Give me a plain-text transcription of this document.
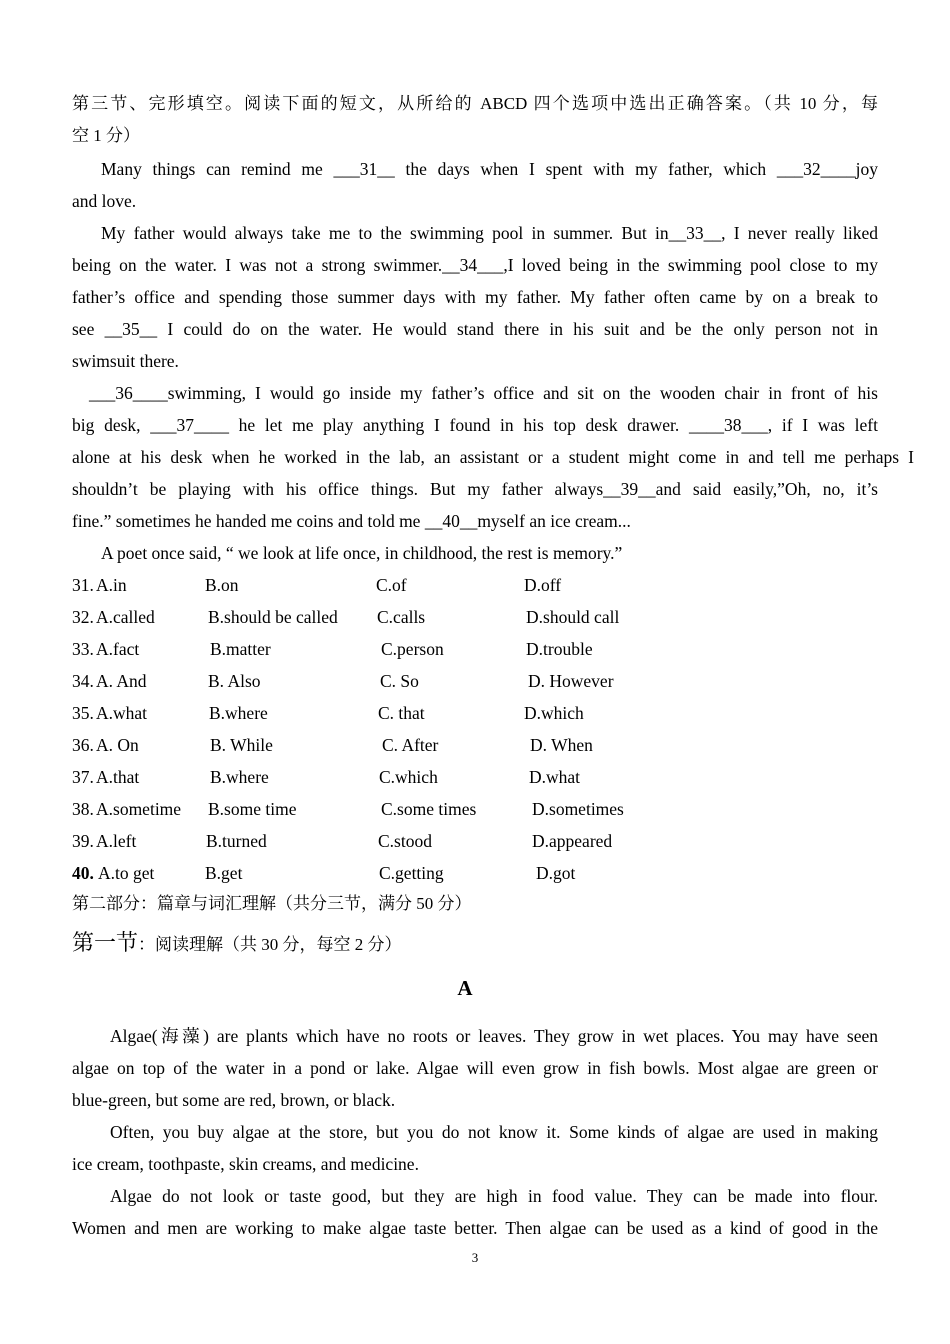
第三节、完形填空。阅读下面的短文，从所给的 ABCD 四个选项中选出正确答案。（共 10 分，每
空 1 分）
Many things can remind me ___31__ the days when I spent with my father, which ___32____joy
and love.
My father would always take me to the swimming pool in summer. But in__33__, I never really liked
being on the water. I was not a strong swimmer.__34___,I loved being in the swimming pool close to my
father’s office and spending those summer days with my father. My father often came by on a break to
see __35__ I could do on the water. He would stand there in his suit and be the only person not in
swimsuit there.
___36____swimming, I would go inside my father’s office and sit on the wooden chair in front of his
big desk, ___37____ he let me play anything I found in his top desk drawer. ____38___, if I was left
alone at his desk when he worked in the lab, an assistant or a student might come in and tell me perhaps I
shouldn’t be playing with his office things. But my father always__39__and said easily,”Oh, no, it’s
fine.” sometimes he handed me coins and told me __40__myself an ice cream...
A poet once said, “ we look at life once, in childhood, the rest is memory.”
31. A.in	B.on	C.of	D.off
32. A.called	B.should be called C.calls	D.should call
33. A.fact	B.matter	C.person	D.trouble
34. A. And	B. Also	C. So	D. However
35. A.what	B.where	C. that	D.which
36. A. On	B. While	C. After	D. When
37. A.that	B.where	C.which	D.what
38. A.sometime B.some time	C.some times	D.sometimes
39. A.left	B.turned	C.stood	D.appeared
40. A.to get	B.get	C.getting	D.got
第二部分：篇章与词汇理解（共分三节，满分 50 分）
第一节：阅读理解（共 30 分，每空 2 分）
A
Algae(海藻) are plants which have no roots or leaves. They grow in wet places. You may have seen
algae on top of the water in a pond or lake. Algae will even grow in fish bowls. Most algae are green or
blue-green, but some are red, brown, or black.
Often, you buy algae at the store, but you do not know it. Some kinds of algae are used in making
ice cream, toothpaste, skin creams, and medicine.
Algae do not look or taste good, but they are high in food value. They can be made into flour.
Women and men are working to make algae taste better. Then algae can be used as a kind of good in the
3
